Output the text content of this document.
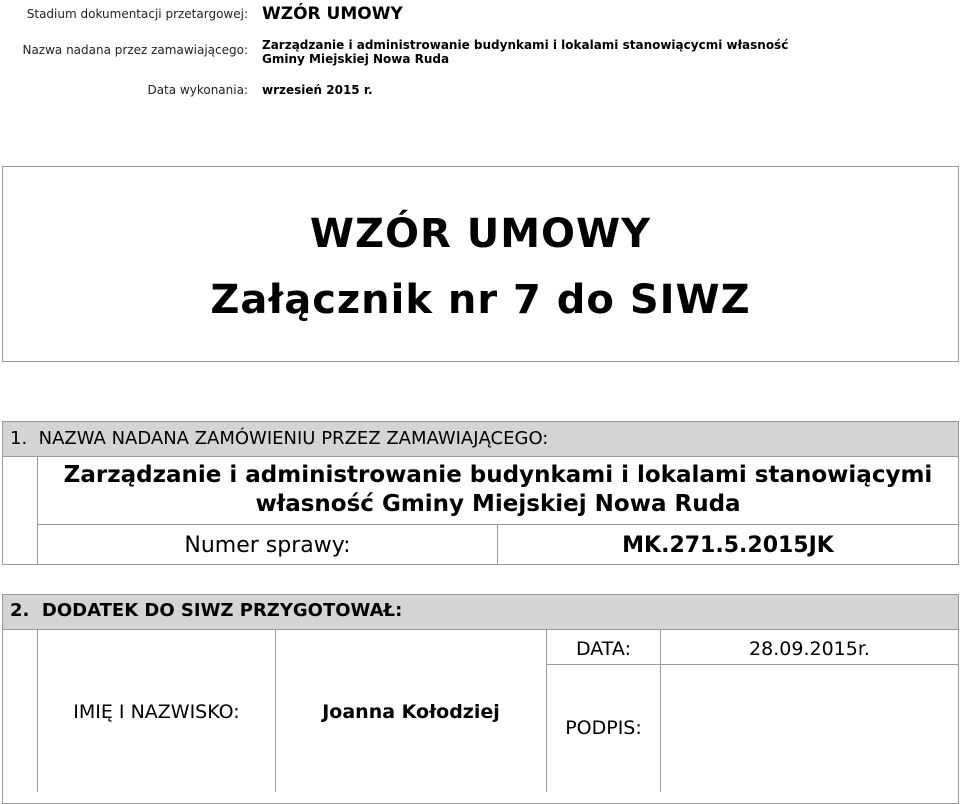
Stadium dokumentacji przetargowej: WZÓR UMOWY
Nazwa nadana przez zamawiającego: Zarządzanie i administrowanie budynkami i lokalami stanowiącycmi własność
Gminy Miejskiej Nowa Ruda
Data wykonania: wrzesień 2015 r.
WZÓR UMOWY
Załącznik nr 7 do SIWZ
1.  NAZWA NADANA ZAMÓWIENIU PRZEZ ZAMAWIAJĄCEGO:
Zarządzanie i administrowanie budynkami i lokalami stanowiącymi
własność Gminy Miejskiej Nowa Ruda
Numer sprawy:	MK.271.5.2015JK
2.  DODATEK DO SIWZ PRZYGOTOWAŁ:
DATA:	28.09.2015r.
IMIĘ I NAZWISKO:	Joanna Kołodziej
PODPIS:
